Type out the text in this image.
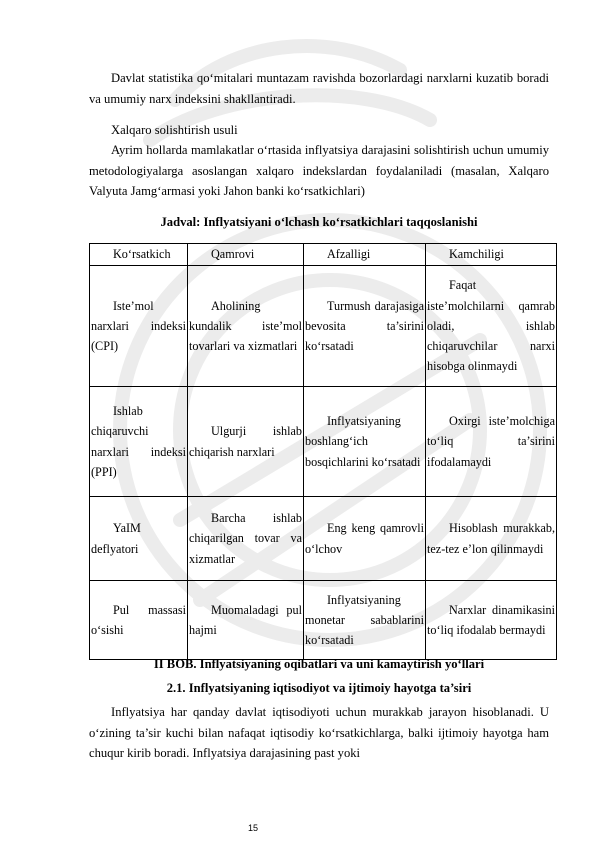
Davlat statistika qo‘mitalari muntazam ravishda bozorlardagi narxlarni kuzatib boradi va umumiy narx indeksini shakllantiradi.

Xalqaro solishtirish usuli

Ayrim hollarda mamlakatlar o‘rtasida inflyatsiya darajasini solishtirish uchun umumiy metodologiyalarga asoslangan xalqaro indekslardan foydalaniladi (masalan, Xalqaro Valyuta Jamg‘armasi yoki Jahon banki ko‘rsatkichlari)

Jadval: Inflyatsiyani o‘lchash ko‘rsatkichlari taqqoslanishi

Ko‘rsatkich	Qamrovi	Afzalligi	Kamchiligi

Iste’mol narxlari indeksi (CPI)	Aholining kundalik iste’mol tovarlari va xizmatlari	Turmush darajasiga bevosita ta’sirini ko‘rsatadi	Faqat iste’molchilarni qamrab oladi, ishlab chiqaruvchilar narxi hisobga olinmaydi

Ishlab chiqaruvchi narxlari indeksi (PPI)	Ulgurji ishlab chiqarish narxlari	Inflyatsiyaning boshlang‘ich bosqichlarini ko‘rsatadi	Oxirgi iste’molchiga to‘liq ta’sirini ifodalamaydi

YaIM deflyatori	Barcha ishlab chiqarilgan tovar va xizmatlar	Eng keng qamrovli o‘lchov	Hisoblash murakkab, tez-tez e’lon qilinmaydi

Pul massasi o‘sishi	Muomaladagi pul hajmi	Inflyatsiyaning monetar sabablarini ko‘rsatadi	Narxlar dinamikasini to‘liq ifodalab bermaydi

II BOB. Inflyatsiyaning oqibatlari va uni kamaytirish yo‘llari

2.1. Inflyatsiyaning iqtisodiyot va ijtimoiy hayotga ta’siri

Inflyatsiya har qanday davlat iqtisodiyoti uchun murakkab jarayon hisoblanadi. U o‘zining ta’sir kuchi bilan nafaqat iqtisodiy ko‘rsatkichlarga, balki ijtimoiy hayotga ham chuqur kirib boradi. Inflyatsiya darajasining past yoki

15
